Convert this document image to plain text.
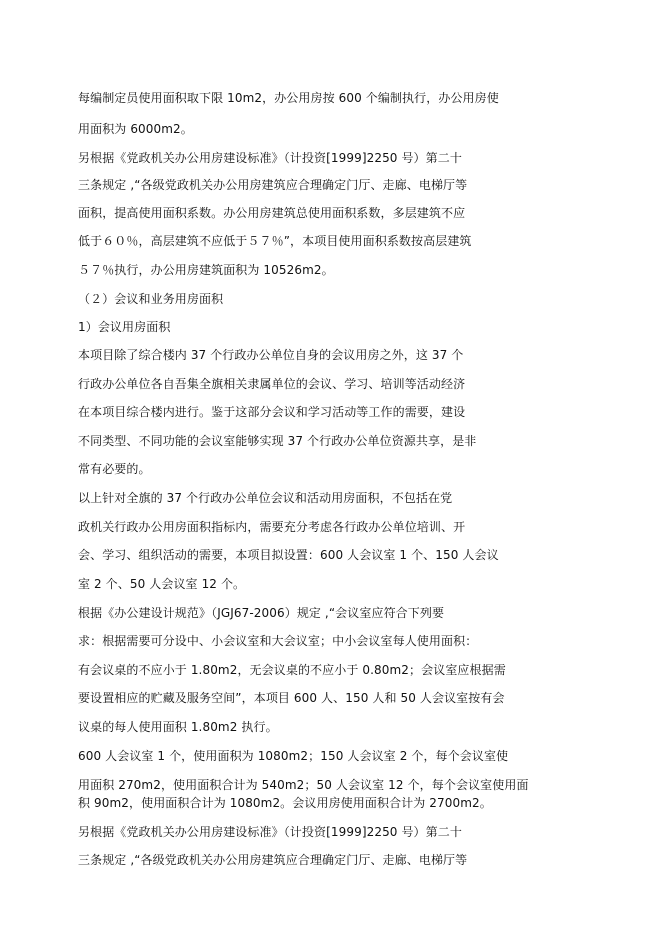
每编制定员使用面积取下限 10m2，办公用房按 600 个编制执行，办公用房使
用面积为 6000m2。
另根据《党政机关办公用房建设标准》（计投资[1999]2250 号）第二十
三条规定 ,“各级党政机关办公用房建筑应合理确定门厅、走廊、电梯厅等
面积，提高使用面积系数。办公用房建筑总使用面积系数，多层建筑不应
低于６０％，高层建筑不应低于５７％”，本项目使用面积系数按高层建筑
５７％执行，办公用房建筑面积为 10526m2。
（２）会议和业务用房面积
1）会议用房面积
本项目除了综合楼内 37 个行政办公单位自身的会议用房之外，这 37 个
行政办公单位各自吾集全旗相关隶属单位的会议、学习、培训等活动经济
在本项目综合楼内进行。鉴于这部分会议和学习活动等工作的需要，建设
不同类型、不同功能的会议室能够实现 37 个行政办公单位资源共享，是非
常有必要的。
以上针对全旗的 37 个行政办公单位会议和活动用房面积，不包括在党
政机关行政办公用房面积指标内，需要充分考虑各行政办公单位培训、开
会、学习、组织活动的需要，本项目拟设置：600 人会议室 1 个、150 人会议
室 2 个、50 人会议室 12 个。
根据《办公建设计规范》（JGJ67-2006）规定 ,“会议室应符合下列要
求：根据需要可分设中、小会议室和大会议室；中小会议室每人使用面积：
有会议桌的不应小于 1.80m2，无会议桌的不应小于 0.80m2；会议室应根据需
要设置相应的贮藏及服务空间”，本项目 600 人、150 人和 50 人会议室按有会
议桌的每人使用面积 1.80m2 执行。
600 人会议室 1 个，使用面积为 1080m2；150 人会议室 2 个，每个会议室使
用面积 270m2，使用面积合计为 540m2；50 人会议室 12 个，每个会议室使用面
积 90m2，使用面积合计为 1080m2。会议用房使用面积合计为 2700m2。
另根据《党政机关办公用房建设标准》（计投资[1999]2250 号）第二十
三条规定 ,“各级党政机关办公用房建筑应合理确定门厅、走廊、电梯厅等
